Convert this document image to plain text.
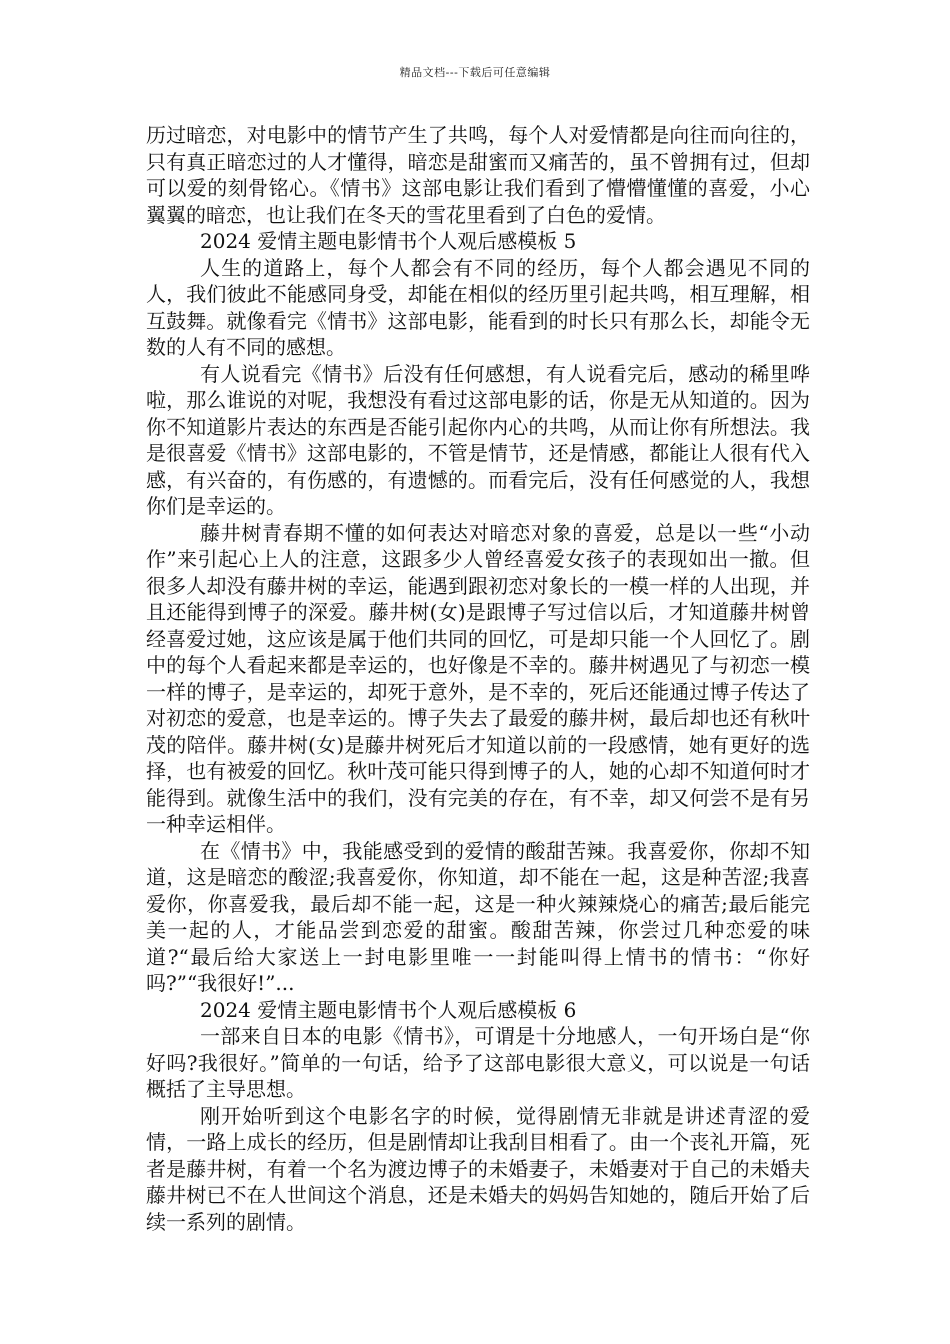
精品文档---下载后可任意编辑

历过暗恋，对电影中的情节产生了共鸣，每个人对爱情都是向往而向往的，只有真正暗恋过的人才懂得，暗恋是甜蜜而又痛苦的，虽不曾拥有过，但却可以爱的刻骨铭心。《情书》这部电影让我们看到了懵懵懂懂的喜爱，小心翼翼的暗恋，也让我们在冬天的雪花里看到了白色的爱情。

2024 爱情主题电影情书个人观后感模板 5

人生的道路上，每个人都会有不同的经历，每个人都会遇见不同的人，我们彼此不能感同身受，却能在相似的经历里引起共鸣，相互理解，相互鼓舞。就像看完《情书》这部电影，能看到的时长只有那么长，却能令无数的人有不同的感想。

有人说看完《情书》后没有任何感想，有人说看完后，感动的稀里哗啦，那么谁说的对呢，我想没有看过这部电影的话，你是无从知道的。因为你不知道影片表达的东西是否能引起你内心的共鸣，从而让你有所想法。我是很喜爱《情书》这部电影的，不管是情节，还是情感，都能让人很有代入感，有兴奋的，有伤感的，有遗憾的。而看完后，没有任何感觉的人，我想你们是幸运的。

藤井树青春期不懂的如何表达对暗恋对象的喜爱，总是以一些“小动作”来引起心上人的注意，这跟多少人曾经喜爱女孩子的表现如出一撤。但很多人却没有藤井树的幸运，能遇到跟初恋对象长的一模一样的人出现，并且还能得到博子的深爱。藤井树(女)是跟博子写过信以后，才知道藤井树曾经喜爱过她，这应该是属于他们共同的回忆，可是却只能一个人回忆了。剧中的每个人看起来都是幸运的，也好像是不幸的。藤井树遇见了与初恋一模一样的博子，是幸运的，却死于意外，是不幸的，死后还能通过博子传达了对初恋的爱意，也是幸运的。博子失去了最爱的藤井树，最后却也还有秋叶茂的陪伴。藤井树(女)是藤井树死后才知道以前的一段感情，她有更好的选择，也有被爱的回忆。秋叶茂可能只得到博子的人，她的心却不知道何时才能得到。就像生活中的我们，没有完美的存在，有不幸，却又何尝不是有另一种幸运相伴。

在《情书》中，我能感受到的爱情的酸甜苦辣。我喜爱你，你却不知道，这是暗恋的酸涩;我喜爱你，你知道，却不能在一起，这是种苦涩;我喜爱你，你喜爱我，最后却不能一起，这是一种火辣辣烧心的痛苦;最后能完美一起的人，才能品尝到恋爱的甜蜜。酸甜苦辣，你尝过几种恋爱的味道?“最后给大家送上一封电影里唯一一封能叫得上情书的情书：“你好吗?”“我很好!”...

2024 爱情主题电影情书个人观后感模板 6

一部来自日本的电影《情书》，可谓是十分地感人，一句开场白是“你好吗?我很好。”简单的一句话，给予了这部电影很大意义，可以说是一句话概括了主导思想。

刚开始听到这个电影名字的时候，觉得剧情无非就是讲述青涩的爱情，一路上成长的经历，但是剧情却让我刮目相看了。由一个丧礼开篇，死者是藤井树，有着一个名为渡边博子的未婚妻子，未婚妻对于自己的未婚夫藤井树已不在人世间这个消息，还是未婚夫的妈妈告知她的，随后开始了后续一系列的剧情。
